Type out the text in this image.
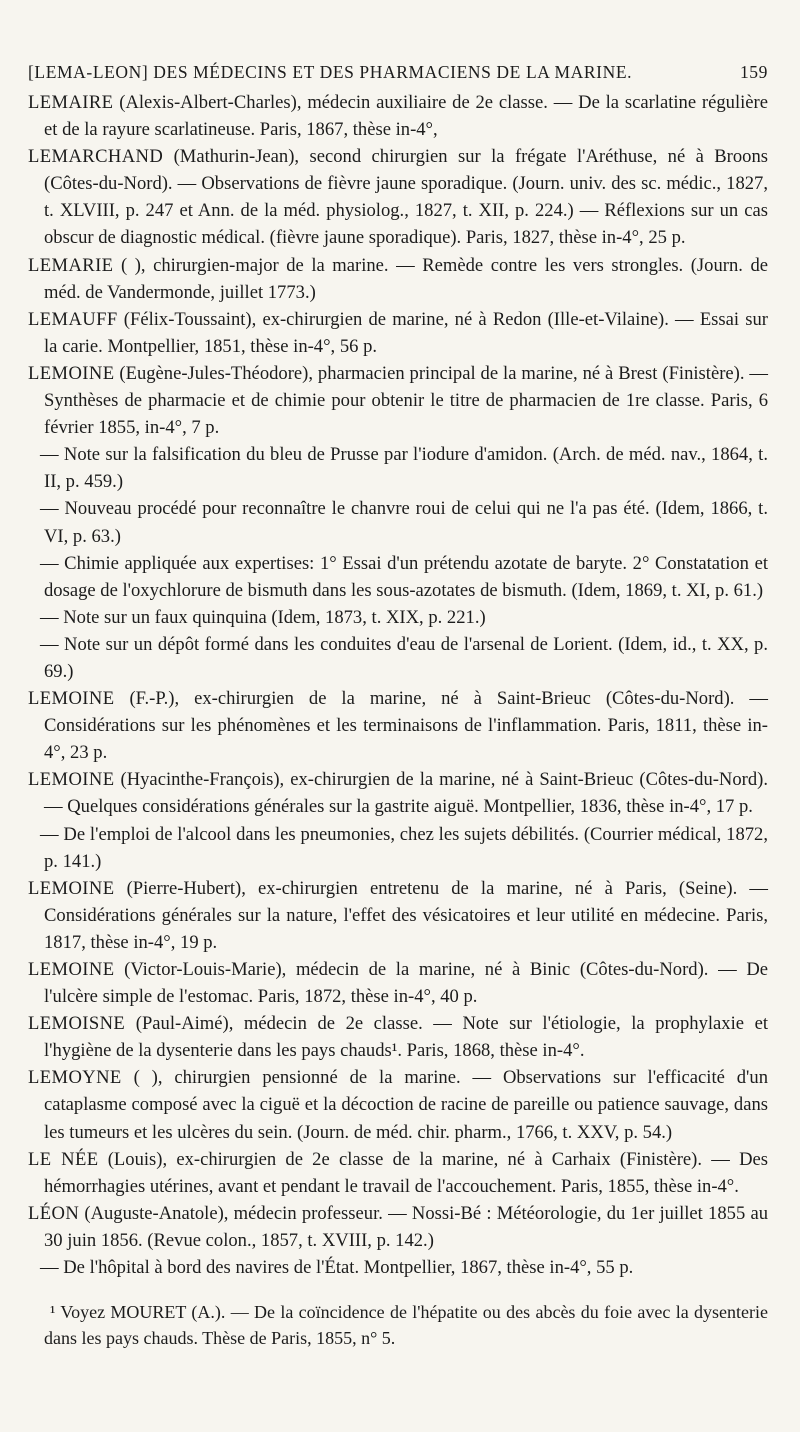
[LEMA-LEON] DES MÉDECINS ET DES PHARMACIENS DE LA MARINE.	159

LEMAIRE (Alexis-Albert-Charles), médecin auxiliaire de 2e classe. — De la scarlatine régulière et de la rayure scarlatineuse. Paris, 1867, thèse in-4°,

LEMARCHAND (Mathurin-Jean), second chirurgien sur la frégate l'Aréthuse, né à Broons (Côtes-du-Nord). — Observations de fièvre jaune sporadique. (Journ. univ. des sc. médic., 1827, t. XLVIII, p. 247 et Ann. de la méd. physiolog., 1827, t. XII, p. 224.) — Réflexions sur un cas obscur de diagnostic médical. (fièvre jaune sporadique). Paris, 1827, thèse in-4°, 25 p.

LEMARIE ( ), chirurgien-major de la marine. — Remède contre les vers strongles. (Journ. de méd. de Vandermonde, juillet 1773.)

LEMAUFF (Félix-Toussaint), ex-chirurgien de marine, né à Redon (Ille-et-Vilaine). — Essai sur la carie. Montpellier, 1851, thèse in-4°, 56 p.

LEMOINE (Eugène-Jules-Théodore), pharmacien principal de la marine, né à Brest (Finistère). — Synthèses de pharmacie et de chimie pour obtenir le titre de pharmacien de 1re classe. Paris, 6 février 1855, in-4°, 7 p.

— Note sur la falsification du bleu de Prusse par l'iodure d'amidon. (Arch. de méd. nav., 1864, t. II, p. 459.)

— Nouveau procédé pour reconnaître le chanvre roui de celui qui ne l'a pas été. (Idem, 1866, t. VI, p. 63.)

— Chimie appliquée aux expertises: 1° Essai d'un prétendu azotate de baryte. 2° Constatation et dosage de l'oxychlorure de bismuth dans les sous-azotates de bismuth. (Idem, 1869, t. XI, p. 61.)

— Note sur un faux quinquina (Idem, 1873, t. XIX, p. 221.)

— Note sur un dépôt formé dans les conduites d'eau de l'arsenal de Lorient. (Idem, id., t. XX, p. 69.)

LEMOINE (F.-P.), ex-chirurgien de la marine, né à Saint-Brieuc (Côtes-du-Nord). — Considérations sur les phénomènes et les terminaisons de l'inflammation. Paris, 1811, thèse in-4°, 23 p.

LEMOINE (Hyacinthe-François), ex-chirurgien de la marine, né à Saint-Brieuc (Côtes-du-Nord). — Quelques considérations générales sur la gastrite aiguë. Montpellier, 1836, thèse in-4°, 17 p.

— De l'emploi de l'alcool dans les pneumonies, chez les sujets débilités. (Courrier médical, 1872, p. 141.)

LEMOINE (Pierre-Hubert), ex-chirurgien entretenu de la marine, né à Paris, (Seine). — Considérations générales sur la nature, l'effet des vésicatoires et leur utilité en médecine. Paris, 1817, thèse in-4°, 19 p.

LEMOINE (Victor-Louis-Marie), médecin de la marine, né à Binic (Côtes-du-Nord). — De l'ulcère simple de l'estomac. Paris, 1872, thèse in-4°, 40 p.

LEMOISNE (Paul-Aimé), médecin de 2e classe. — Note sur l'étiologie, la prophylaxie et l'hygiène de la dysenterie dans les pays chauds¹. Paris, 1868, thèse in-4°.

LEMOYNE ( ), chirurgien pensionné de la marine. — Observations sur l'efficacité d'un cataplasme composé avec la ciguë et la décoction de racine de pareille ou patience sauvage, dans les tumeurs et les ulcères du sein. (Journ. de méd. chir. pharm., 1766, t. XXV, p. 54.)

LE NÉE (Louis), ex-chirurgien de 2e classe de la marine, né à Carhaix (Finistère). — Des hémorrhagies utérines, avant et pendant le travail de l'accouchement. Paris, 1855, thèse in-4°.

LÉON (Auguste-Anatole), médecin professeur. — Nossi-Bé : Météorologie, du 1er juillet 1855 au 30 juin 1856. (Revue colon., 1857, t. XVIII, p. 142.)

— De l'hôpital à bord des navires de l'État. Montpellier, 1867, thèse in-4°, 55 p.

¹ Voyez MOURET (A.). — De la coïncidence de l'hépatite ou des abcès du foie avec la dysenterie dans les pays chauds. Thèse de Paris, 1855, n° 5.
